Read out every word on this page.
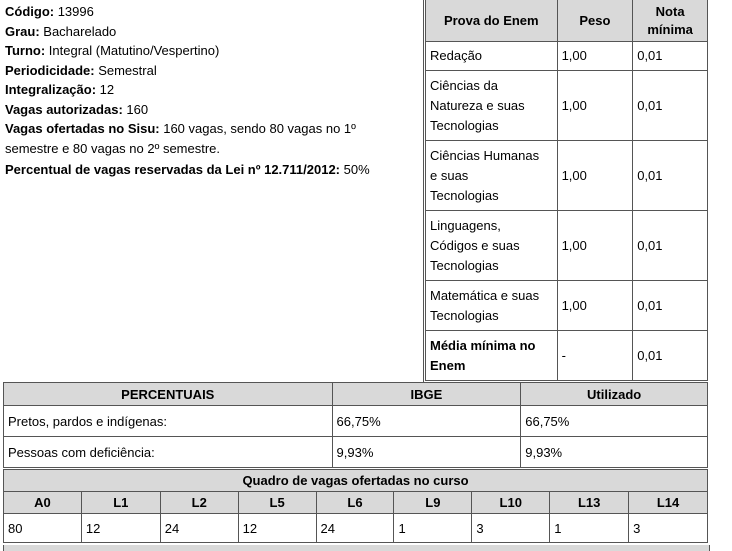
Código: 13996
Grau: Bacharelado
Turno: Integral (Matutino/Vespertino)
Periodicidade: Semestral
Integralização: 12
Vagas autorizadas: 160
Vagas ofertadas no Sisu: 160 vagas, sendo 80 vagas no 1º
semestre e 80 vagas no 2º semestre.
Percentual de vagas reservadas da Lei nº 12.711/2012: 50%
Prova do Enem	Peso	Nota
mínima
Redação	1,00	0,01
Ciências da
Natureza e suas
Tecnologias	1,00	0,01
Ciências Humanas
e suas
Tecnologias	1,00	0,01
Linguagens,
Códigos e suas
Tecnologias	1,00	0,01
Matemática e suas
Tecnologias	1,00	0,01
Média mínima no
Enem	-	0,01
PERCENTUAIS	IBGE	Utilizado
Pretos, pardos e indígenas:	66,75%	66,75%
Pessoas com deficiência:	9,93%	9,93%
Quadro de vagas ofertadas no curso								
A0	L1	L2	L5	L6	L9	L10	L13	L14
80	12	24	12	24	1	3	1	3
